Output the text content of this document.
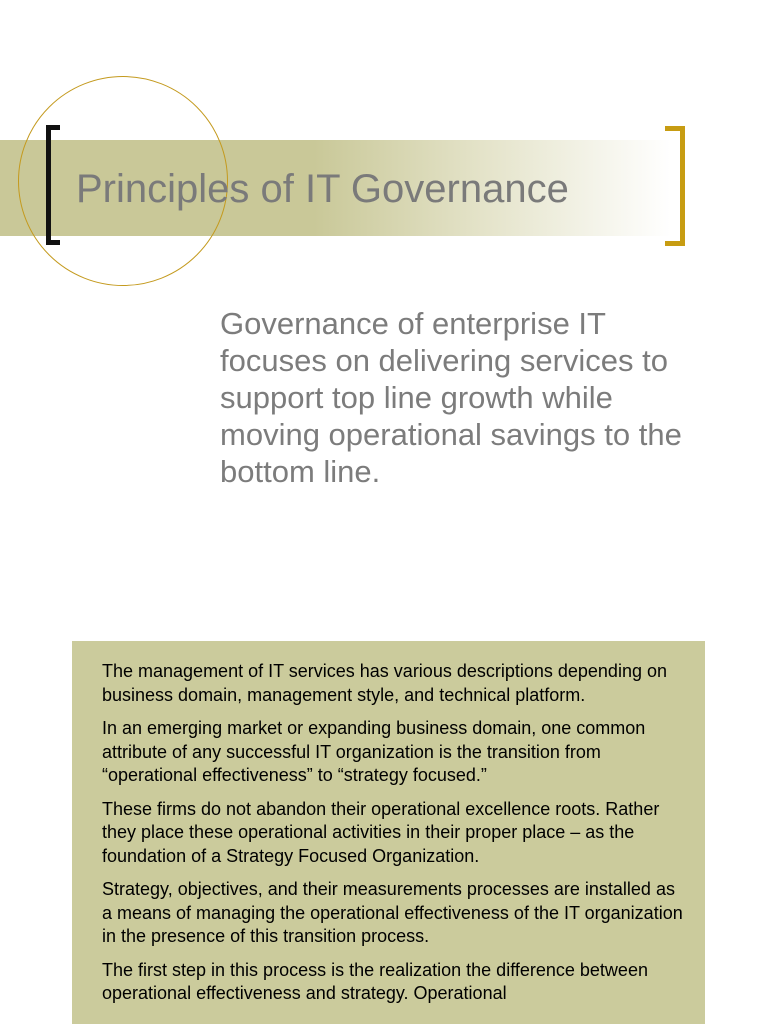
Principles of IT Governance

Governance of enterprise IT focuses on delivering services to support top line growth while moving operational savings to the bottom line.

The management of IT services has various descriptions depending on business domain, management style, and technical platform.

In an emerging market or expanding business domain, one common attribute of any successful IT organization is the transition from “operational effectiveness” to “strategy focused.”

These firms do not abandon their operational excellence roots. Rather they place these operational activities in their proper place – as the foundation of a Strategy Focused Organization.

Strategy, objectives, and their measurements processes are installed as a means of managing the operational effectiveness of the IT organization in the presence of this transition process.

The first step in this process is the realization the difference between operational effectiveness and strategy. Operational
